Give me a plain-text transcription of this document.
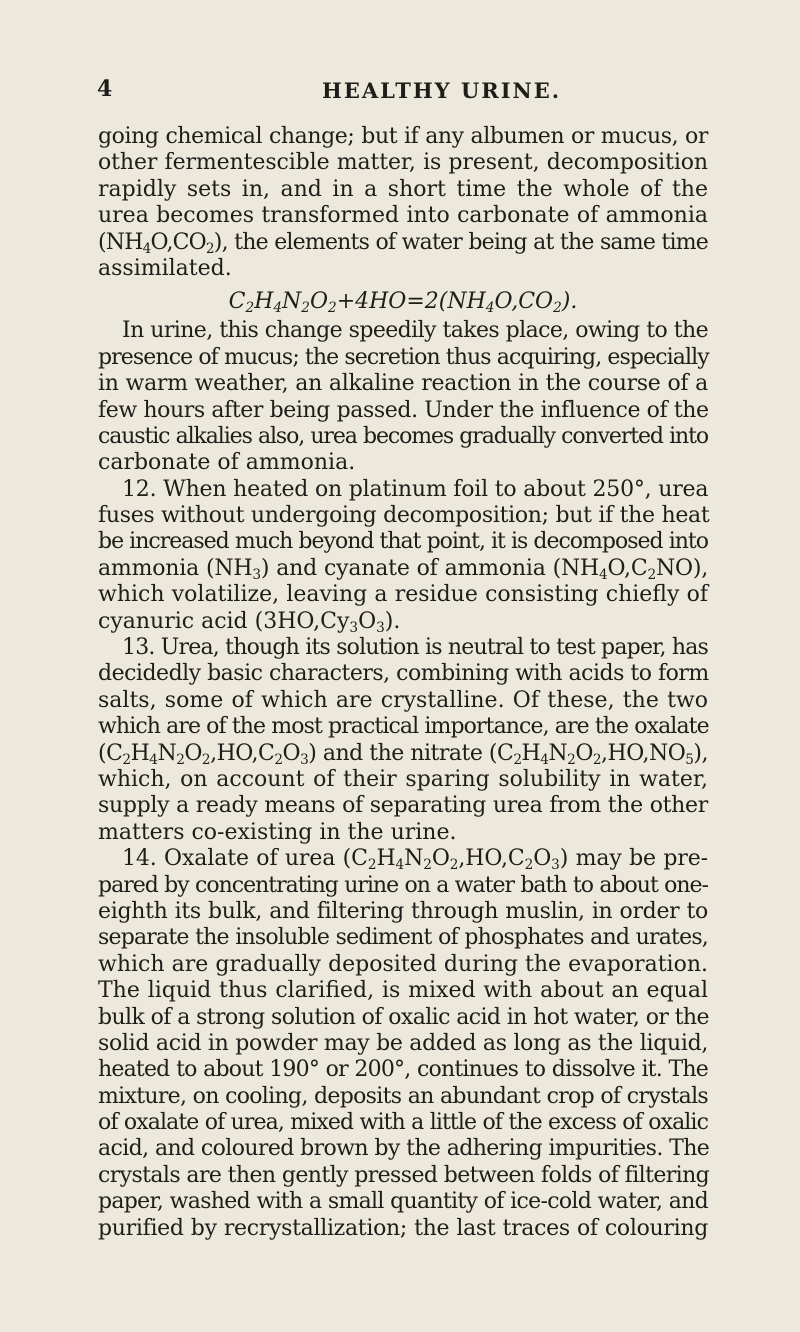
4	HEALTHY URINE.
going chemical change; but if any albumen or mucus, or
other fermentescible matter, is present, decomposition
rapidly sets in, and in a short time the whole of the
urea becomes transformed into carbonate of ammonia
$(NH_4O,CO_2)$, the elements of water being at the same time
assimilated.
$C_2H_4N_2O_2+4HO=2(NH_4O,CO_2)$.
In urine, this change speedily takes place, owing to the
presence of mucus; the secretion thus acquiring, especially
in warm weather, an alkaline reaction in the course of a
few hours after being passed. Under the influence of the
caustic alkalies also, urea becomes gradually converted into
carbonate of ammonia.
12. When heated on platinum foil to about 250°, urea
fuses without undergoing decomposition; but if the heat
be increased much beyond that point, it is decomposed into
ammonia $(NH_3)$ and cyanate of ammonia $(NH_4O,C_2NO)$,
which volatilize, leaving a residue consisting chiefly of
cyanuric acid $(3HO,Cy_3O_3)$.
13. Urea, though its solution is neutral to test paper, has
decidedly basic characters, combining with acids to form
salts, some of which are crystalline. Of these, the two
which are of the most practical importance, are the oxalate
$(C_2H_4N_2O_2,HO,C_2O_3)$ and the nitrate $(C_2H_4N_2O_2,HO,NO_5)$,
which, on account of their sparing solubility in water,
supply a ready means of separating urea from the other
matters co-existing in the urine.
14. Oxalate of urea $(C_2H_4N_2O_2,HO,C_2O_3)$ may be pre-
pared by concentrating urine on a water bath to about one-
eighth its bulk, and filtering through muslin, in order to
separate the insoluble sediment of phosphates and urates,
which are gradually deposited during the evaporation.
The liquid thus clarified, is mixed with about an equal
bulk of a strong solution of oxalic acid in hot water, or the
solid acid in powder may be added as long as the liquid,
heated to about 190° or 200°, continues to dissolve it. The
mixture, on cooling, deposits an abundant crop of crystals
of oxalate of urea, mixed with a little of the excess of oxalic
acid, and coloured brown by the adhering impurities. The
crystals are then gently pressed between folds of filtering
paper, washed with a small quantity of ice-cold water, and
purified by recrystallization; the last traces of colouring
